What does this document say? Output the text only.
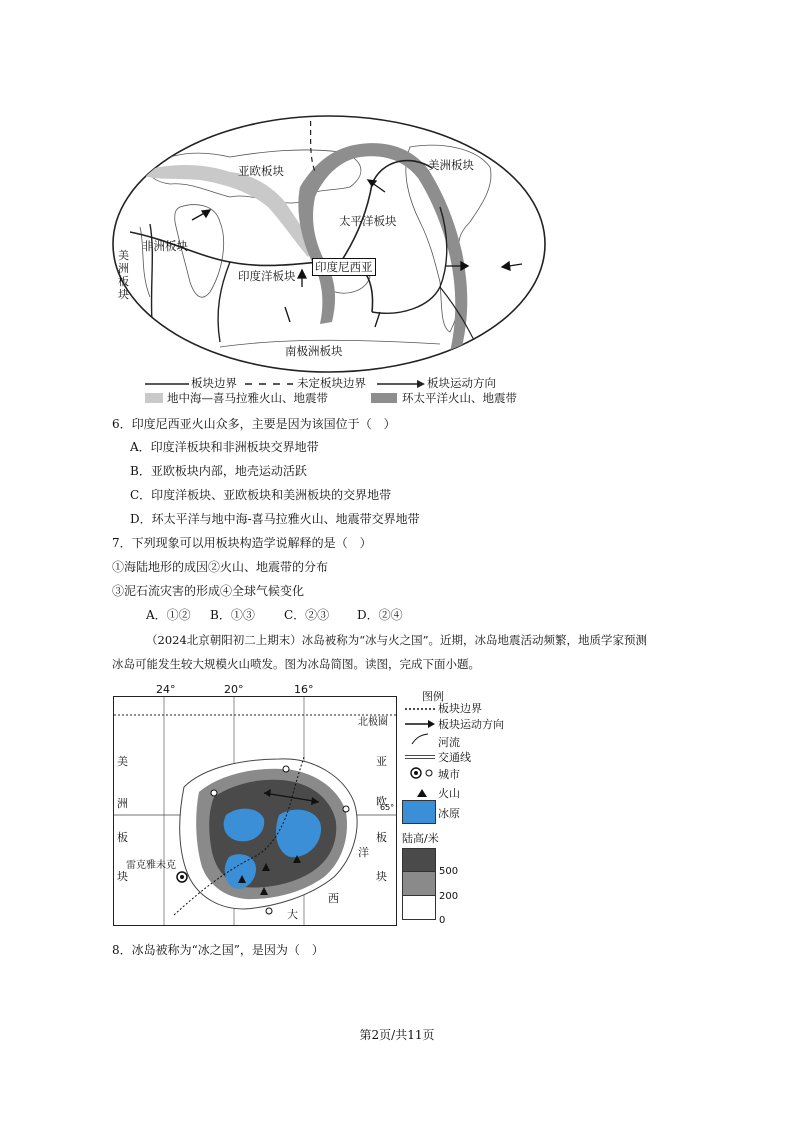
亚欧板块	美洲板块
太平洋板块
非洲板块
美洲板块
印度洋板块
印度尼西亚
南极洲板块
板块边界	未定板块边界	板块运动方向
地中海—喜马拉雅火山、地震带	环太平洋火山、地震带
6．印度尼西亚火山众多，主要是因为该国位于（　）
A．印度洋板块和非洲板块交界地带
B．亚欧板块内部，地壳运动活跃
C．印度洋板块、亚欧板块和美洲板块的交界地带
D．环太平洋与地中海-喜马拉雅火山、地震带交界地带
7．下列现象可以用板块构造学说解释的是（　）
①海陆地形的成因②火山、地震带的分布
③泥石流灾害的形成④全球气候变化
A．①② B．①③ C．②③ D．②④
（2024北京朝阳初二上期末）冰岛被称为“冰与火之国”。近期，冰岛地震活动频繁，地质学家预测
冰岛可能发生较大规模火山喷发。图为冰岛简图。读图，完成下面小题。
24°	20°	16°
北极圈
65°
美
洲
板
块
亚
欧
板
块
雷克雅未克
大
西
洋
图例
板块边界
板块运动方向
河流
交通线
城市
火山
冰原
陆高/米
500
200
0
8．冰岛被称为“冰之国”，是因为（　）
第2页/共11页
